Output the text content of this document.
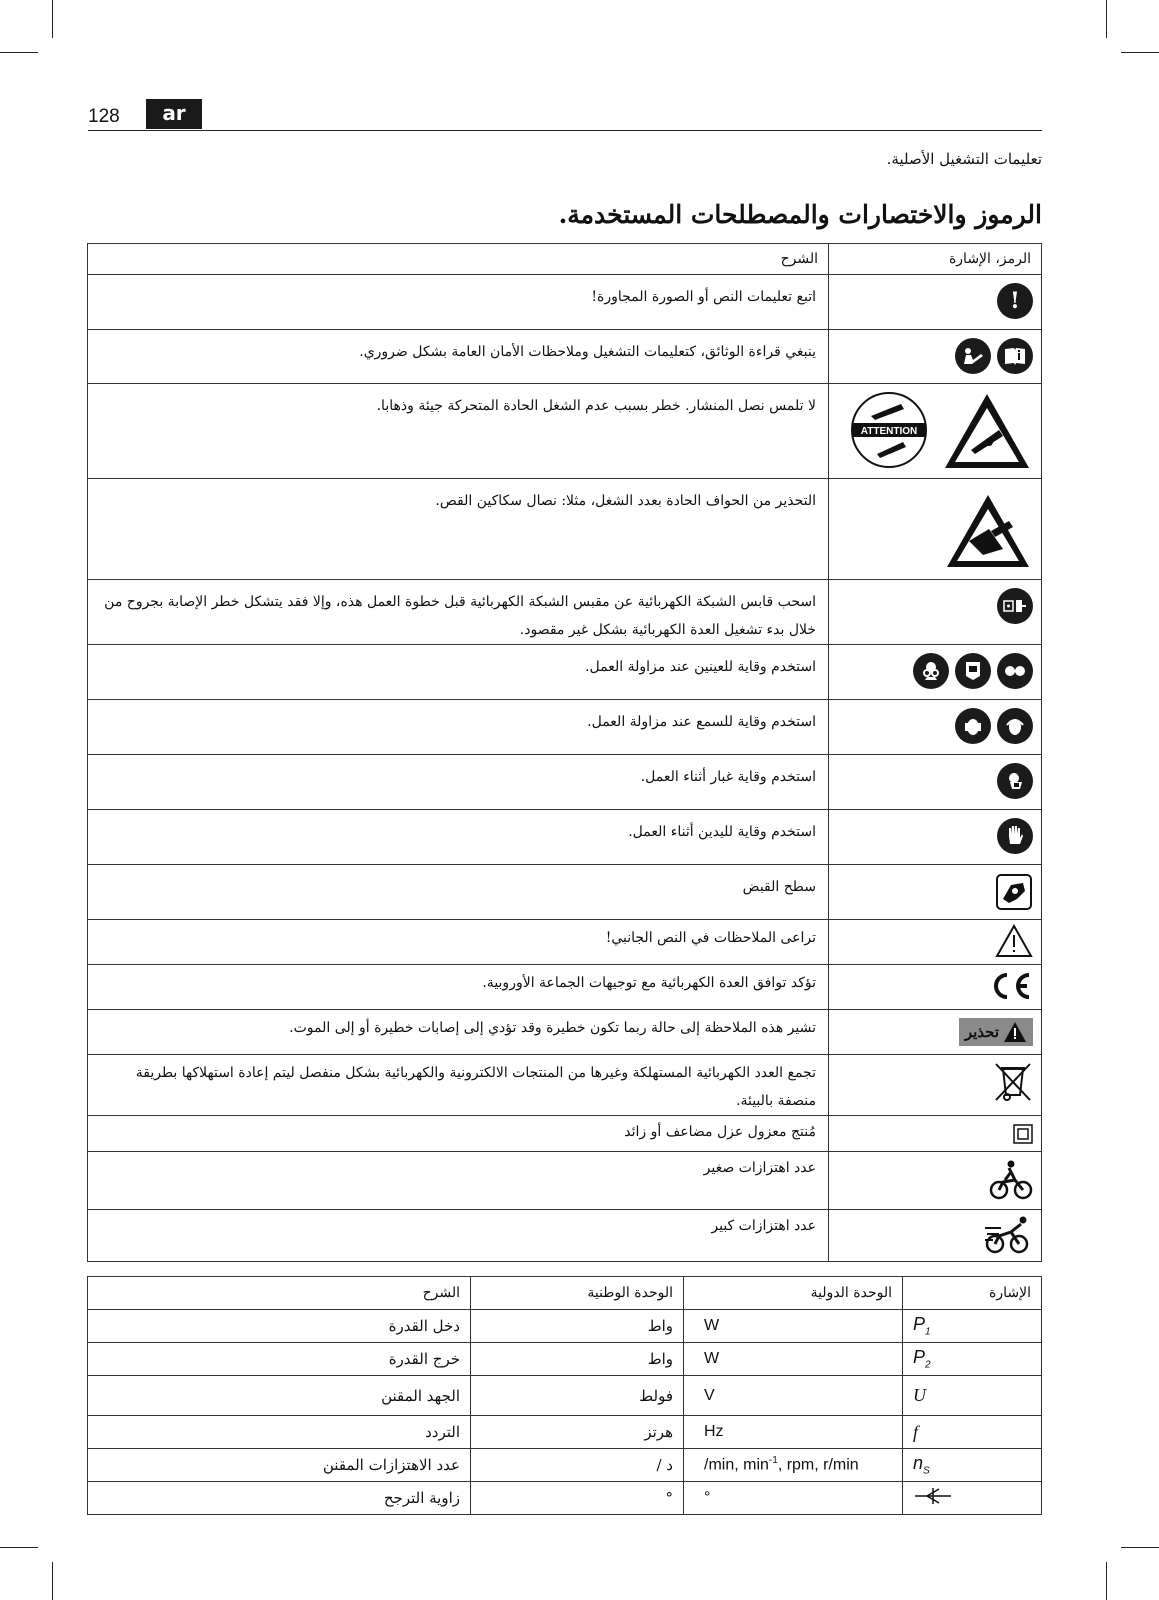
128	ar
تعليمات التشغيل الأصلية.
الرموز والاختصارات والمصطلحات المستخدمة.
الرمز، الإشارة	الشرح

!	اتبع تعليمات النص أو الصورة المجاورة!

	ينبغي قراءة الوثائق، كتعليمات التشغيل وملاحظات الأمان العامة بشكل ضروري.

ATTENTION	لا تلمس نصل المنشار. خطر بسبب عدم الشغل الحادة المتحركة جيئة وذهابا.

	التحذير من الحواف الحادة بعدد الشغل، مثلا: نصال سكاكين القص.

	اسحب قابس الشبكة الكهربائية عن مقبس الشبكة الكهربائية قبل خطوة العمل هذه، وإلا فقد يتشكل خطر الإصابة بجروح من خلال بدء تشغيل العدة الكهربائية بشكل غير مقصود.

	استخدم وقاية للعينين عند مزاولة العمل.

	استخدم وقاية للسمع عند مزاولة العمل.

	استخدم وقاية غبار أثناء العمل.

	استخدم وقاية لليدين أثناء العمل.

	سطح القبض

	تراعى الملاحظات في النص الجانبي!

	تؤكد توافق العدة الكهربائية مع توجيهات الجماعة الأوروبية.

تحذير	تشير هذه الملاحظة إلى حالة ربما تكون خطيرة وقد تؤدي إلى إصابات خطيرة أو إلى الموت.

	تجمع العدد الكهربائية المستهلكة وغيرها من المنتجات الالكترونية والكهربائية بشكل منفصل ليتم إعادة استهلاكها بطريقة منصفة بالبيئة.

	مُنتج معزول عزل مضاعف أو زائد

	عدد اهتزازات صغير

	عدد اهتزازات كبير
الإشارة	الوحدة الدولية	الوحدة الوطنية	الشرح
$P_1$	W	واط	دخل القدرة
$P_2$	W	واط	خرج القدرة
U	V	فولط	الجهد المقنن
f	Hz	هرتز	التردد
$n_S$	/min, $\min^{-1}$, rpm, r/min	د /	عدد الاهتزازات المقنن
	°	°	زاوية الترجح
